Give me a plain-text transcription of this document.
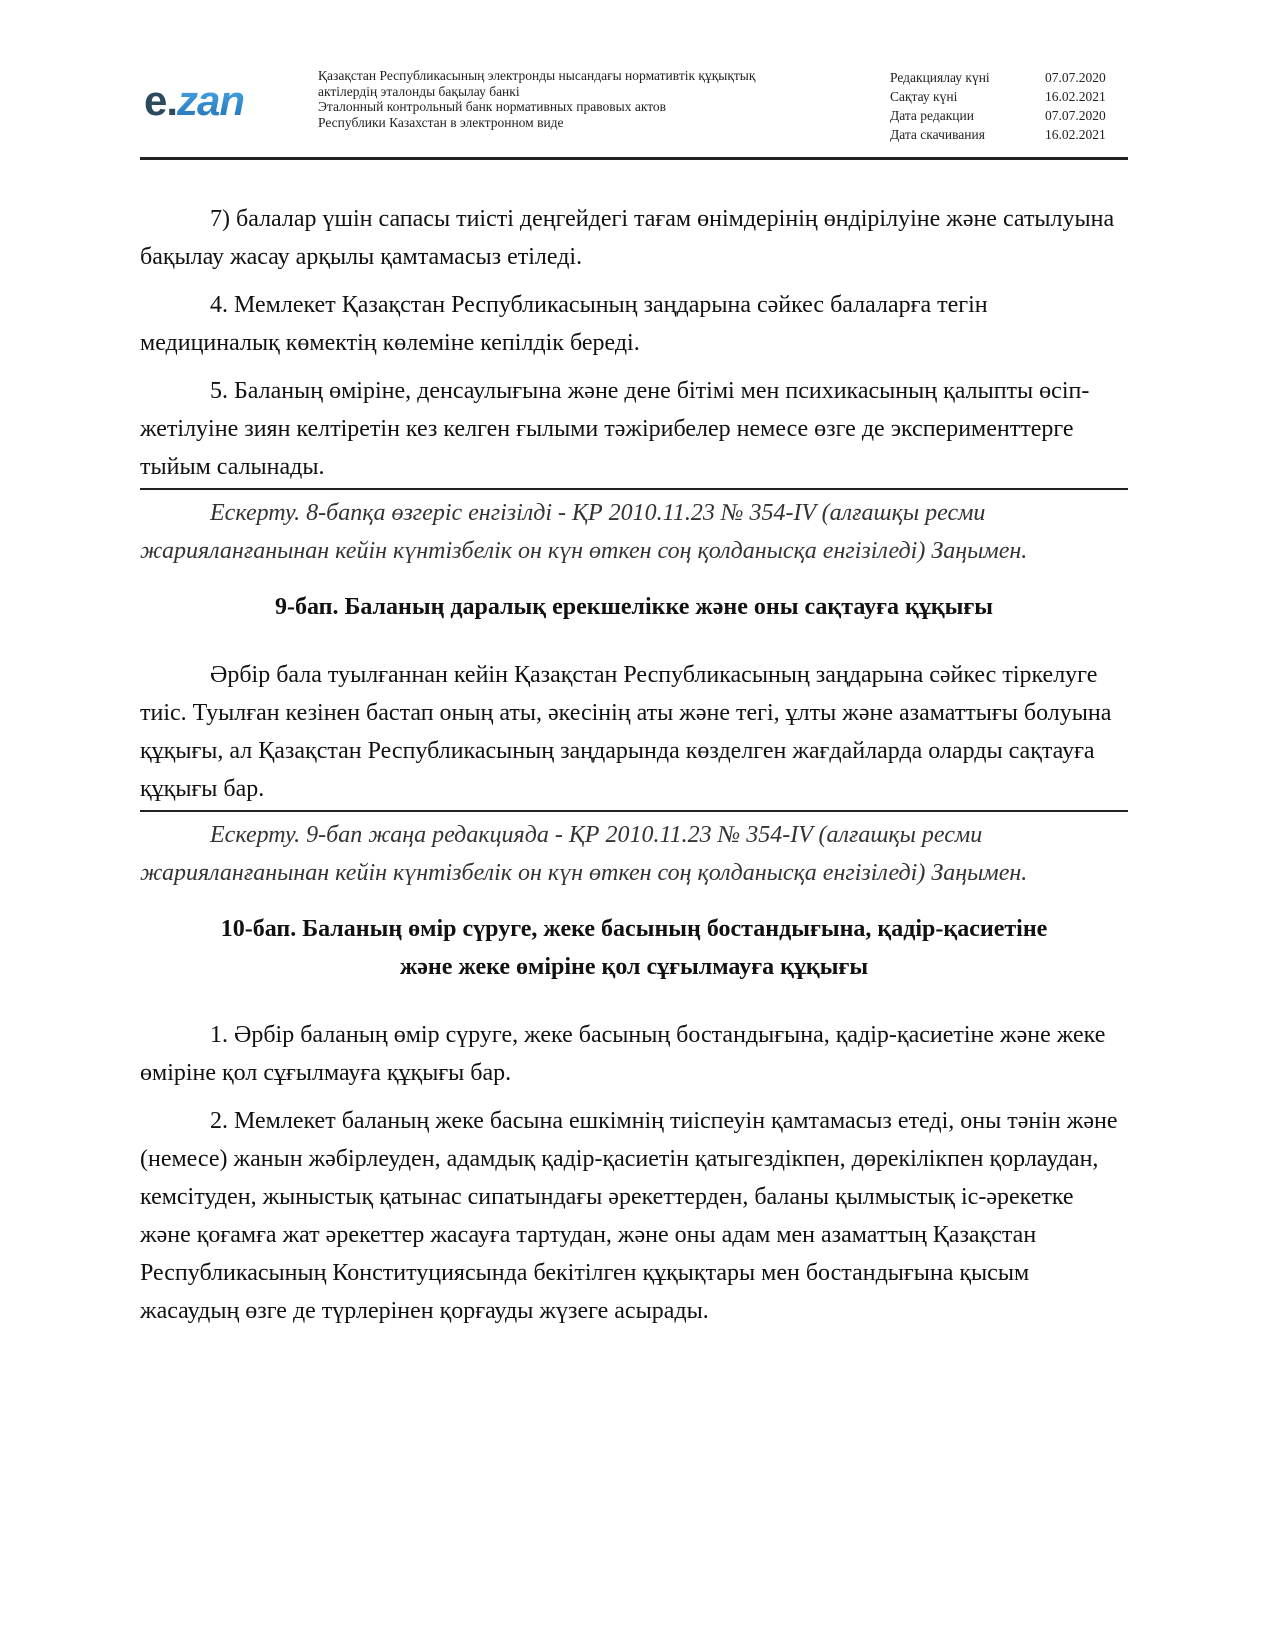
e.zan
Қазақстан Республикасының электронды нысандағы нормативтік құқықтық
актілердің эталонды бақылау банкі
Эталонный контрольный банк нормативных правовых актов
Республики Казахстан в электронном виде
Редакциялау күні	07.07.2020
Сақтау күні	16.02.2021
Дата редакции	07.07.2020
Дата скачивания	16.02.2021

7) балалар үшін сапасы тиісті деңгейдегі тағам өнімдерінің өндірілуіне және сатылуына бақылау жасау арқылы қамтамасыз етіледі.

4. Мемлекет Қазақстан Республикасының заңдарына сәйкес балаларға тегін медициналық көмектің көлеміне кепілдік береді.

5. Баланың өміріне, денсаулығына және дене бітімі мен психикасының қалыпты өсіп-жетілуіне зиян келтіретін кез келген ғылыми тәжірибелер немесе өзге де эксперименттерге тыйым салынады.

Ескерту. 8-бапқа өзгеріс енгізілді - ҚР 2010.11.23 № 354-IV (алғашқы ресми жарияланғанынан кейін күнтізбелік он күн өткен соң қолданысқа енгізіледі) Заңымен.

9-бап. Баланың даралық ерекшелікке және оны сақтауға құқығы

Әрбір бала туылғаннан кейін Қазақстан Республикасының заңдарына сәйкес тіркелуге тиіс. Туылған кезінен бастап оның аты, әкесінің аты және тегі, ұлты және азаматтығы болуына құқығы, ал Қазақстан Республикасының заңдарында көзделген жағдайларда оларды сақтауға құқығы бар.

Ескерту. 9-бап жаңа редакцияда - ҚР 2010.11.23 № 354-IV (алғашқы ресми жарияланғанынан кейін күнтізбелік он күн өткен соң қолданысқа енгізіледі) Заңымен.

10-бап. Баланың өмір сүруге, жеке басының бостандығына, қадір-қасиетіне

және жеке өміріне қол сұғылмауға құқығы

1. Әрбір баланың өмір сүруге, жеке басының бостандығына, қадір-қасиетіне және жеке өміріне қол сұғылмауға құқығы бар.

2. Мемлекет баланың жеке басына ешкімнің тиіспеуін қамтамасыз етеді, оны тәнін және (немесе) жанын жәбірлеуден, адамдық қадір-қасиетін қатыгездікпен, дөрекілікпен қорлаудан, кемсітуден, жыныстық қатынас сипатындағы әрекеттерден, баланы қылмыстық іс-әрекетке және қоғамға жат әрекеттер жасауға тартудан, және оны адам мен азаматтың Қазақстан Республикасының Конституциясында бекітілген құқықтары мен бостандығына қысым жасаудың өзге де түрлерінен қорғауды жүзеге асырады.
